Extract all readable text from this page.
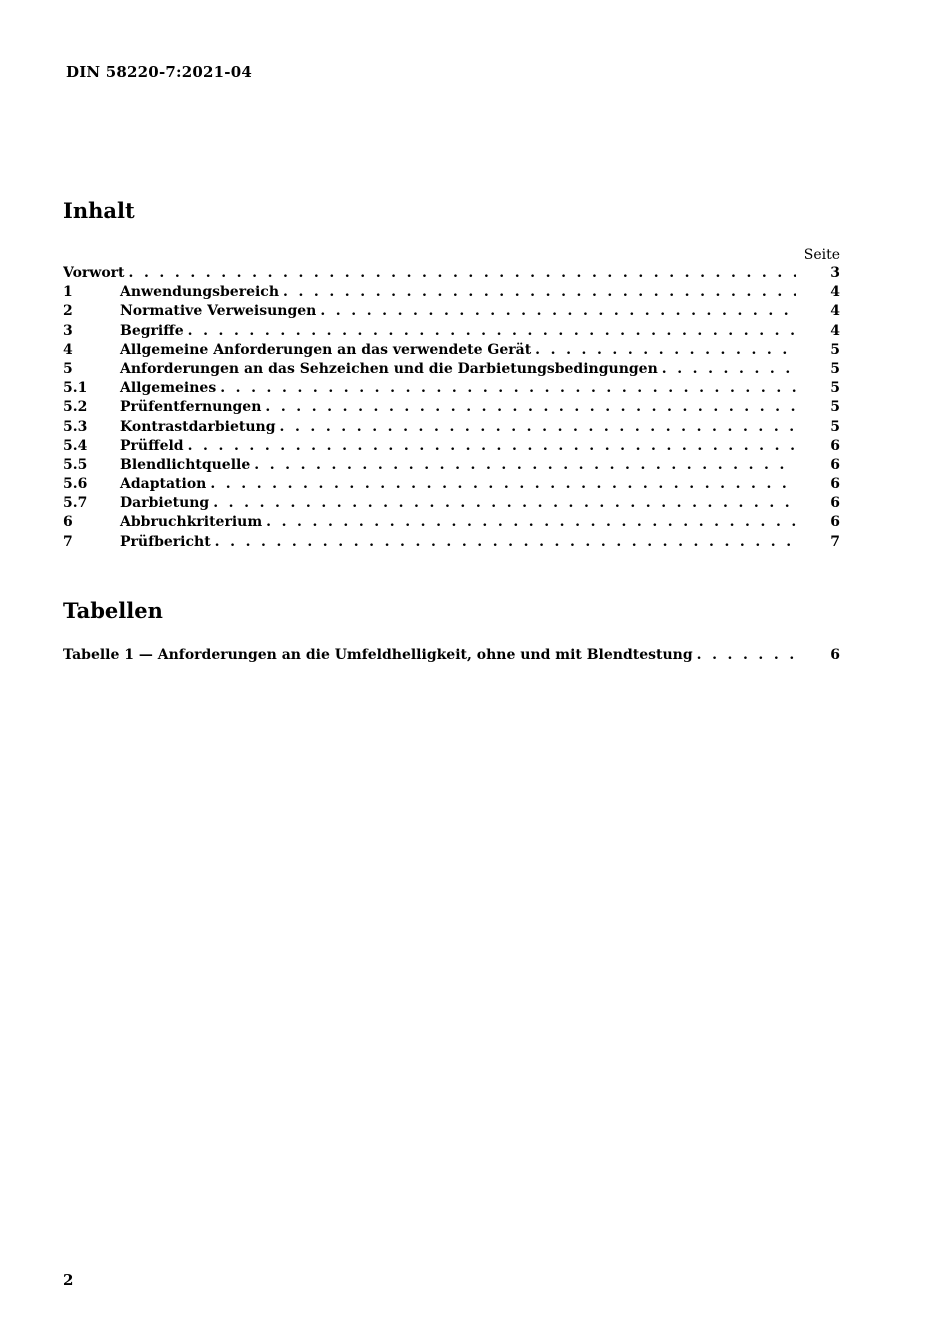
DIN 58220-7:2021-04
Inhalt
Seite
Vorwort . . .	3
1	Anwendungsbereich . . .	4
2	Normative Verweisungen . . .	4
3	Begriffe . . .	4
4	Allgemeine Anforderungen an das verwendete Gerät . . .	5
5	Anforderungen an das Sehzeichen und die Darbietungsbedingungen . . .	5
5.1	Allgemeines . . .	5
5.2	Prüfentfernungen . . .	5
5.3	Kontrastdarbietung . . .	5
5.4	Prüffeld . . .	6
5.5	Blendlichtquelle . . .	6
5.6	Adaptation . . .	6
5.7	Darbietung . . .	6
6	Abbruchkriterium . . .	6
7	Prüfbericht . . .	7
Tabellen
Tabelle 1 — Anforderungen an die Umfeldhelligkeit, ohne und mit Blendtestung . . .	6
2
